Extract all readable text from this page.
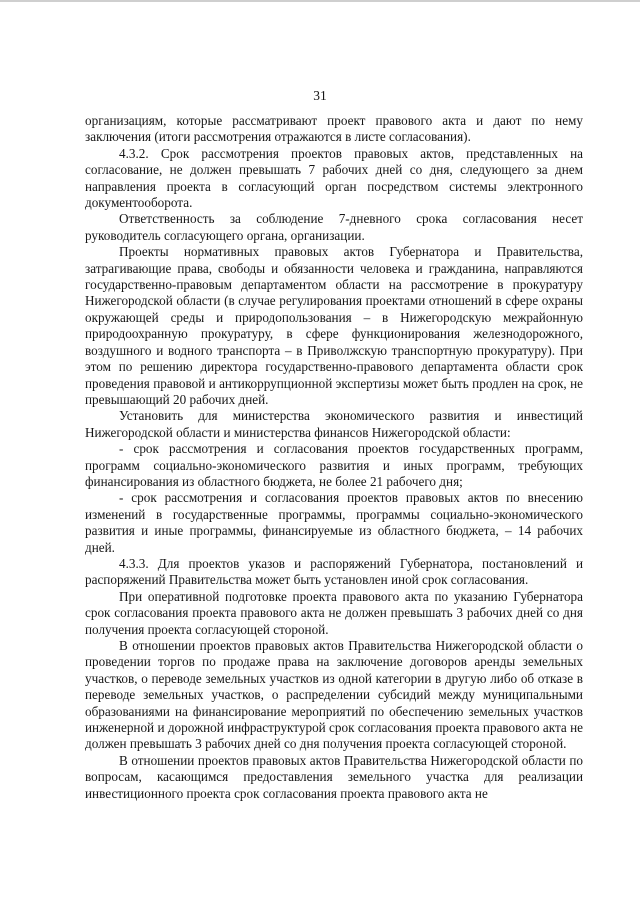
31

организациям, которые рассматривают проект правового акта и дают по нему заключения (итоги рассмотрения отражаются в листе согласования).

4.3.2. Срок рассмотрения проектов правовых актов, представленных на согласование, не должен превышать 7 рабочих дней со дня, следующего за днем направления проекта в согласующий орган посредством системы электронного документооборота.

Ответственность за соблюдение 7-дневного срока согласования несет руководитель согласующего органа, организации.

Проекты нормативных правовых актов Губернатора и Правительства, затрагивающие права, свободы и обязанности человека и гражданина, направляются государственно-правовым департаментом области на рассмотрение в прокуратуру Нижегородской области (в случае регулирования проектами отношений в сфере охраны окружающей среды и природопользования – в Нижегородскую межрайонную природоохранную прокуратуру, в сфере функционирования железнодорожного, воздушного и водного транспорта – в Приволжскую транспортную прокуратуру). При этом по решению директора государственно-правового департамента области срок проведения правовой и антикоррупционной экспертизы может быть продлен на срок, не превышающий 20 рабочих дней.

Установить для министерства экономического развития и инвестиций Нижегородской области и министерства финансов Нижегородской области:

- срок рассмотрения и согласования проектов государственных программ, программ социально-экономического развития и иных программ, требующих финансирования из областного бюджета, не более 21 рабочего дня;

- срок рассмотрения и согласования проектов правовых актов по внесению изменений в государственные программы, программы социально-экономического развития и иные программы, финансируемые из областного бюджета, – 14 рабочих дней.

4.3.3. Для проектов указов и распоряжений Губернатора, постановлений и распоряжений Правительства может быть установлен иной срок согласования.

При оперативной подготовке проекта правового акта по указанию Губернатора срок согласования проекта правового акта не должен превышать 3 рабочих дней со дня получения проекта согласующей стороной.

В отношении проектов правовых актов Правительства Нижегородской области о проведении торгов по продаже права на заключение договоров аренды земельных участков, о переводе земельных участков из одной категории в другую либо об отказе в переводе земельных участков, о распределении субсидий между муниципальными образованиями на финансирование мероприятий по обеспечению земельных участков инженерной и дорожной инфраструктурой срок согласования проекта правового акта не должен превышать 3 рабочих дней со дня получения проекта согласующей стороной.

В отношении проектов правовых актов Правительства Нижегородской области по вопросам, касающимся предоставления земельного участка для реализации инвестиционного проекта срок согласования проекта правового акта не
